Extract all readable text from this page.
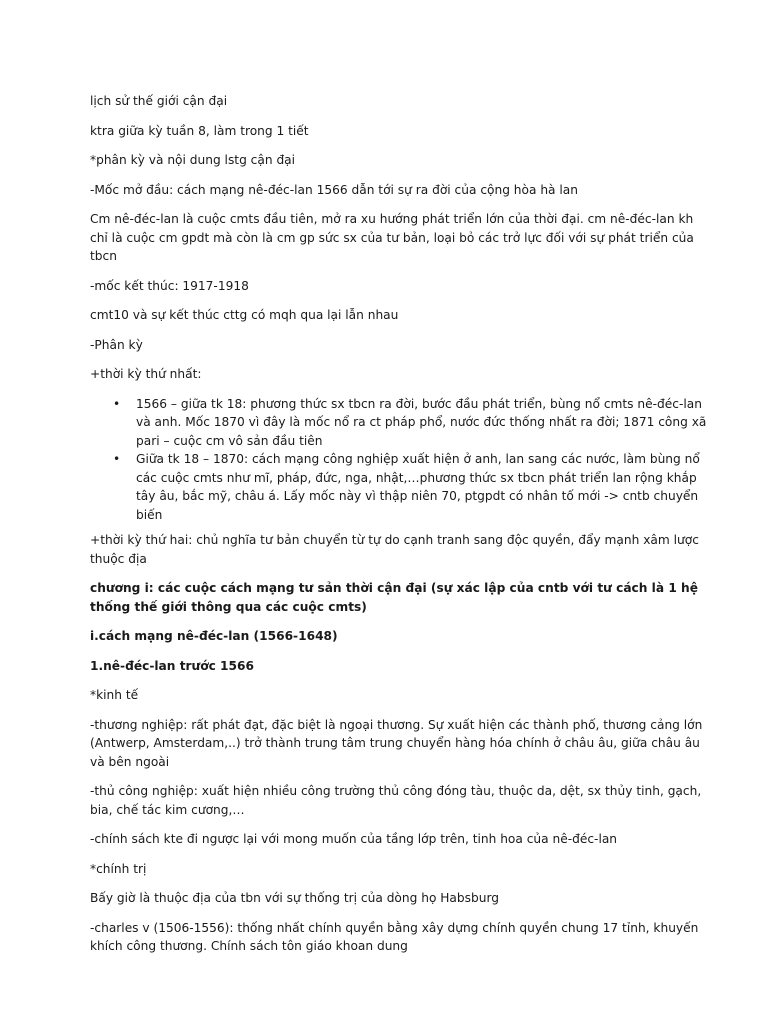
lịch sử thế giới cận đại

ktra giữa kỳ tuần 8, làm trong 1 tiết

*phân kỳ và nội dung lstg cận đại

-Mốc mở đầu: cách mạng nê-đéc-lan 1566 dẫn tới sự ra đời của cộng hòa hà lan

Cm nê-đéc-lan là cuộc cmts đầu tiên, mở ra xu hướng phát triển lớn của thời đại. cm nê-đéc-lan kh chỉ là cuộc cm gpdt mà còn là cm gp sức sx của tư bản, loại bỏ các trở lực đối với sự phát triển của tbcn

-mốc kết thúc: 1917-1918

cmt10 và sự kết thúc cttg có mqh qua lại lẫn nhau

-Phân kỳ

+thời kỳ thứ nhất:

• 1566 – giữa tk 18: phương thức sx tbcn ra đời, bước đầu phát triển, bùng nổ cmts nê-đéc-lan và anh. Mốc 1870 vì đây là mốc nổ ra ct pháp phổ, nước đức thống nhất ra đời; 1871 công xã pari – cuộc cm vô sản đầu tiên
• Giữa tk 18 – 1870: cách mạng công nghiệp xuất hiện ở anh, lan sang các nước, làm bùng nổ các cuộc cmts như mĩ, pháp, đức, nga, nhật,…phương thức sx tbcn phát triển lan rộng khắp tây âu, bắc mỹ, châu á. Lấy mốc này vì thập niên 70, ptgpdt có nhân tố mới -> cntb chuyển biến

+thời kỳ thứ hai: chủ nghĩa tư bản chuyển từ tự do cạnh tranh sang độc quyền, đẩy mạnh xâm lược thuộc địa

chương i: các cuộc cách mạng tư sản thời cận đại (sự xác lập của cntb với tư cách là 1 hệ thống thế giới thông qua các cuộc cmts)

i.cách mạng nê-đéc-lan (1566-1648)

1.nê-đéc-lan trước 1566

*kinh tế

-thương nghiệp: rất phát đạt, đặc biệt là ngoại thương. Sự xuất hiện các thành phố, thương cảng lớn (Antwerp, Amsterdam,..) trở thành trung tâm trung chuyển hàng hóa chính ở châu âu, giữa châu âu và bên ngoài

-thủ công nghiệp: xuất hiện nhiều công trường thủ công đóng tàu, thuộc da, dệt, sx thủy tinh, gạch, bia, chế tác kim cương,…

-chính sách kte đi ngược lại với mong muốn của tầng lớp trên, tinh hoa của nê-đéc-lan

*chính trị

Bấy giờ là thuộc địa của tbn với sự thống trị của dòng họ Habsburg

-charles v (1506-1556): thống nhất chính quyền bằng xây dựng chính quyền chung 17 tỉnh, khuyến khích công thương. Chính sách tôn giáo khoan dung
